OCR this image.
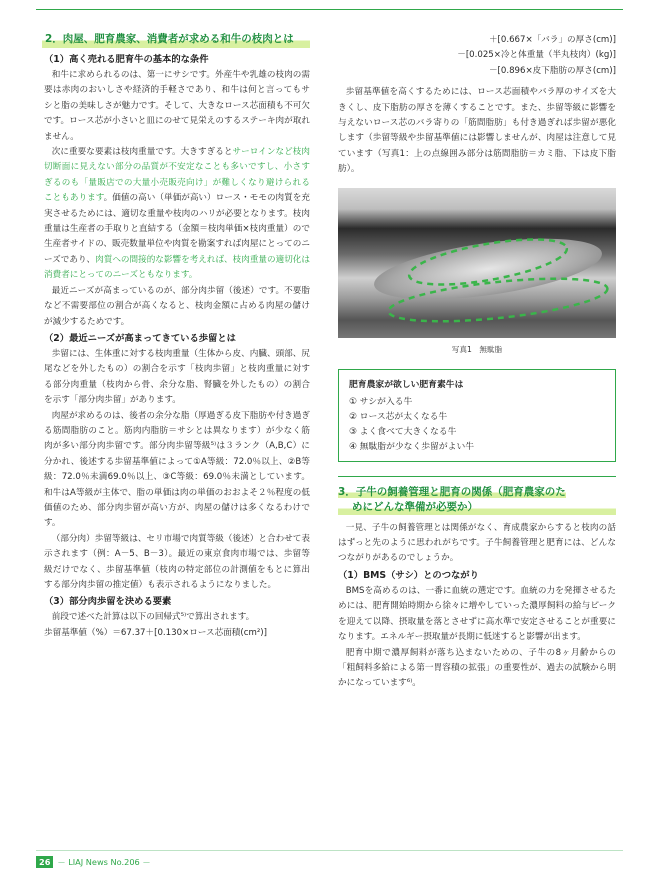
2．肉屋、肥育農家、消費者が求める和牛の枝肉とは
（1）高く売れる肥育牛の基本的な条件

和牛に求められるのは、第一にサシです。外産牛や乳雄の枝肉の需要は赤肉のおいしさや経済的手軽さであり、和牛は何と言ってもサシと脂の美味しさが魅力です。そして、大きなロース芯面積も不可欠です。ロース芯が小さいと皿にのせて見栄えのするステーキ肉が取れません。

次に重要な要素は枝肉重量です。大きすぎるとサーロインなど枝肉切断面に見えない部分の品質が不安定なことも多いですし、小さすぎるのも「量販店での大量小売販売向け」が難しくなり避けられることもあります。価値の高い（単価が高い）ロース・モモの肉質を充実させるためには、適切な重量や枝肉のハリが必要となります。枝肉重量は生産者の手取りと直結する（金額＝枝肉単価×枝肉重量）ので生産者サイドの、販売数量単位や肉質を勘案すれば肉屋にとってのニーズであり、肉質への間接的な影響を考えれば、枝肉重量の適切化は消費者にとってのニーズともなります。

最近ニーズが高まっているのが、部分肉歩留（後述）です。不要脂など不需要部位の割合が高くなると、枝肉金額に占める肉屋の儲けが減少するためです。

（2）最近ニーズが高まってきている歩留とは

歩留には、生体重に対する枝肉重量（生体から皮、内臓、頭部、尻尾などを外したもの）の割合を示す「枝肉歩留」と枝肉重量に対する部分肉重量（枝肉から骨、余分な脂、腎臓を外したもの）の割合を示す「部分肉歩留」があります。

肉屋が求めるのは、後者の余分な脂（厚過ぎる皮下脂肪や付き過ぎる筋間脂肪のこと。筋肉内脂肪＝サシとは異なります）が少なく筋肉が多い部分肉歩留です。部分肉歩留等級⁵⁾は３ランク（A,B,C）に分かれ、後述する歩留基準値によって①A等級：72.0％以上、②B等級：72.0％未満69.0％以上、③C等級：69.0％未満としています。和牛はA等級が主体で、脂の単価は肉の単価のおおよそ２％程度の低価値のため、部分肉歩留が高い方が、肉屋の儲けは多くなるわけです。

（部分肉）歩留等級は、セリ市場で肉質等級（後述）と合わせて表示されます（例：A－5、B－3）。最近の東京食肉市場では、歩留等級だけでなく、歩留基準値（枝肉の特定部位の計測値をもとに算出する部分肉歩留の推定値）も表示されるようになりました。

（3）部分肉歩留を決める要素

前段で述べた計算は以下の回帰式⁵⁾で算出されます。

歩留基準値（%）＝67.37＋[0.130×ロース芯面積(cm²)]

＋[0.667×「バラ」の厚さ(cm)]

－[0.025×冷と体重量（半丸枝肉）(kg)]

－[0.896×皮下脂肪の厚さ(cm)]

歩留基準値を高くするためには、ロース芯面積やバラ厚のサイズを大きくし、皮下脂肪の厚さを薄くすることです。また、歩留等級に影響を与えないロース芯のバラ寄りの「筋間脂肪」も付き過ぎれば歩留が悪化します（歩留等級や歩留基準値には影響しませんが、肉屋は注意して見ています（写真1：上の点線囲み部分は筋間脂肪＝カミ脂、下は皮下脂肪）。

写真1　無駄脂
肥育農家が欲しい肥育素牛は

① サシが入る牛

② ロース芯が太くなる牛

③ よく食べて大きくなる牛

④ 無駄脂が少なく歩留がよい牛

3．子牛の飼養管理と肥育の関係（肥育農家のた
めにどんな準備が必要か）

一見、子牛の飼養管理とは関係がなく、育成農家からすると枝肉の話はずっと先のように思われがちです。子牛飼養管理と肥育には、どんなつながりがあるのでしょうか。

（1）BMS（サシ）とのつながり

BMSを高めるのは、一番に血統の選定です。血統の力を発揮させるためには、肥育開始時期から徐々に増やしていった濃厚飼料の給与ピークを迎えて以降、摂取量を落とさせずに高水準で安定させることが重要になります。エネルギー摂取量が長期に低迷すると影響が出ます。

肥育中期で濃厚飼料が落ち込まないための、子牛の8ヶ月齢からの「粗飼料多給による第一胃容積の拡張」の重要性が、過去の試験から明かになっています⁶⁾。

26 － LIAJ News No.206 －
